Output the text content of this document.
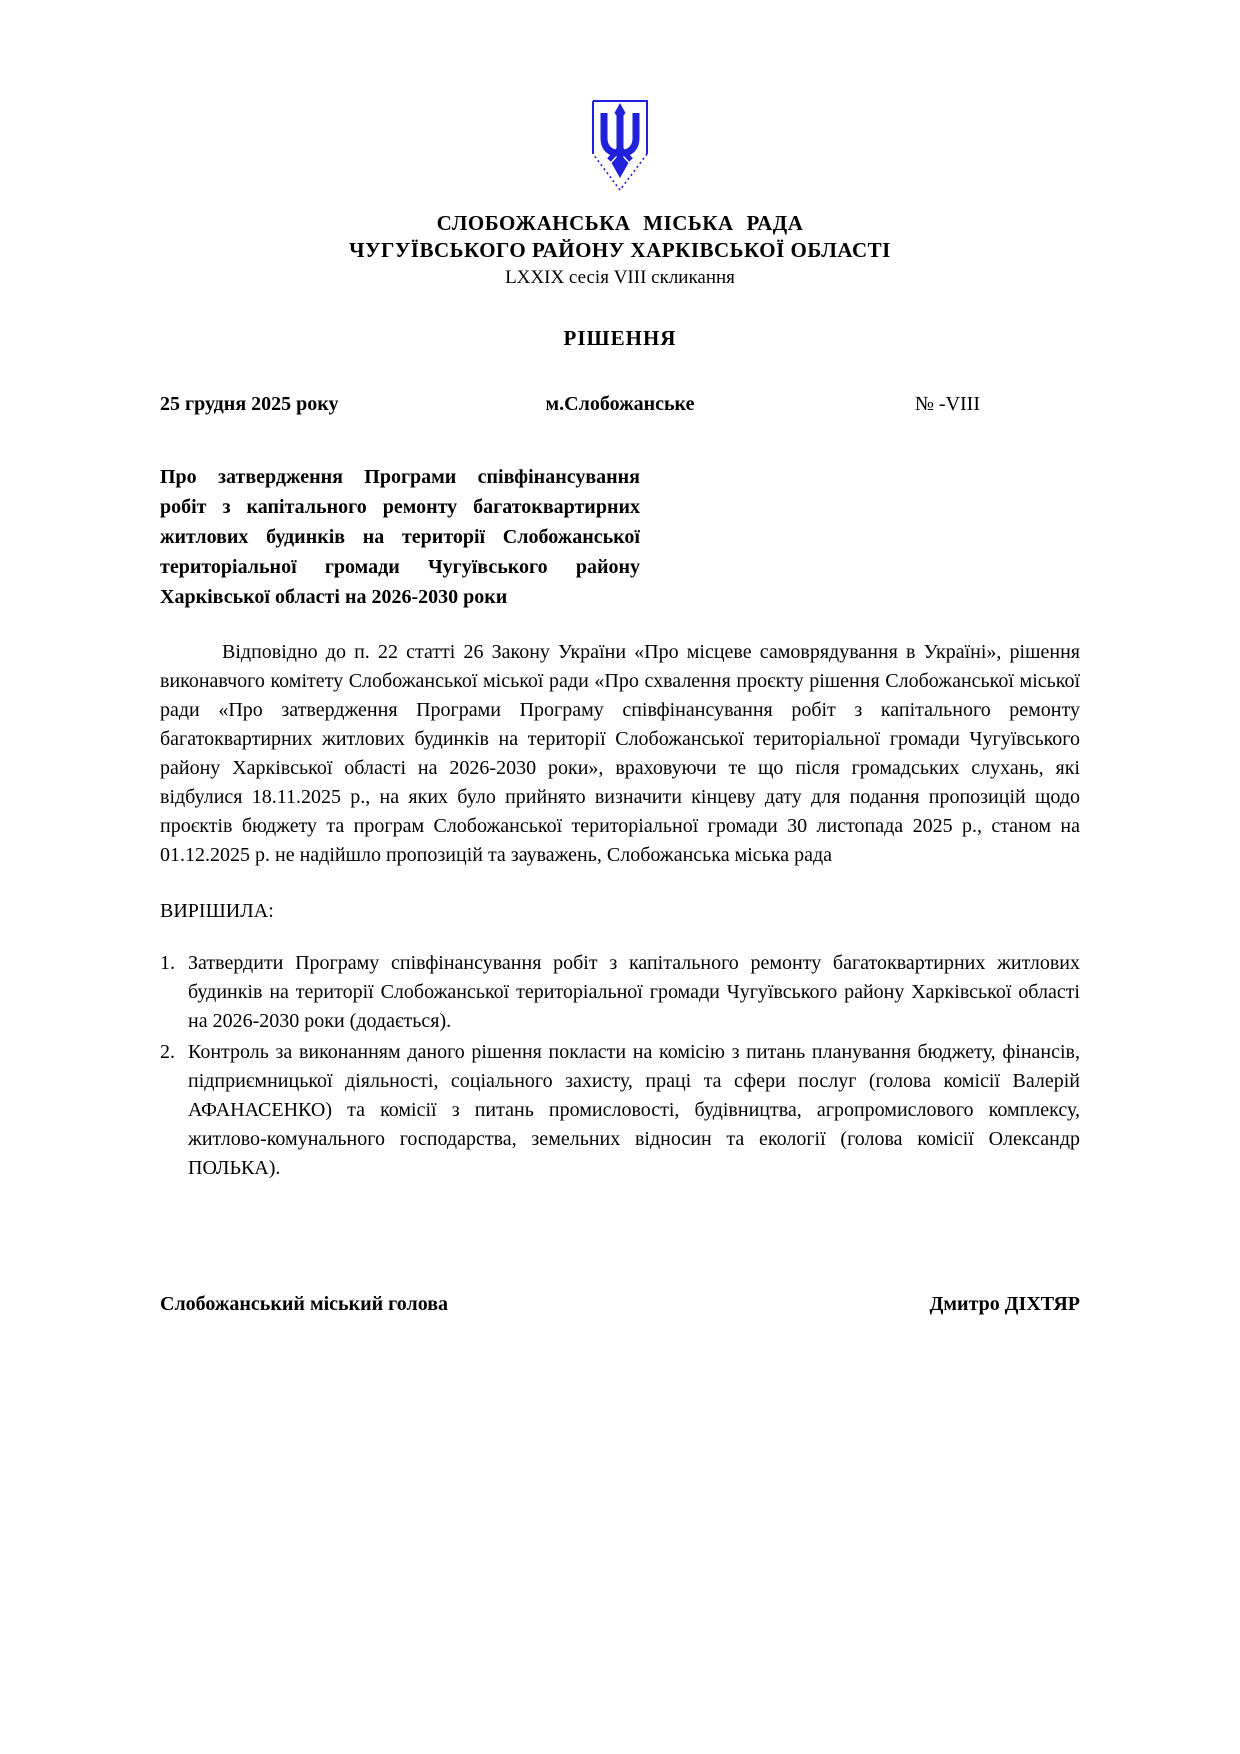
СЛОБОЖАНСЬКА МІСЬКА РАДА
ЧУГУЇВСЬКОГО РАЙОНУ ХАРКІВСЬКОЇ ОБЛАСТІ
LXXIX сесія VIII скликання
РІШЕННЯ
25 грудня 2025 року	м.Слобожанське	№ -VIII
Про затвердження Програми співфінансування робіт з капітального ремонту багатоквартирних житлових будинків на території Слобожанської територіальної громади Чугуївського району Харківської області на 2026-2030 роки
Відповідно до п. 22 статті 26 Закону України «Про місцеве самоврядування в Україні», рішення виконавчого комітету Слобожанської міської ради «Про схвалення проєкту рішення Слобожанської міської ради «Про затвердження Програми Програму співфінансування робіт з капітального ремонту багатоквартирних житлових будинків на території Слобожанської територіальної громади Чугуївського району Харківської області на 2026-2030 роки», враховуючи те що після громадських слухань, які відбулися 18.11.2025 р., на яких було прийнято визначити кінцеву дату для подання пропозицій щодо проєктів бюджету та програм Слобожанської територіальної громади 30 листопада 2025 р., станом на 01.12.2025 р. не надійшло пропозицій та зауважень, Слобожанська міська рада
ВИРІШИЛА:
1. Затвердити Програму співфінансування робіт з капітального ремонту багатоквартирних житлових будинків на території Слобожанської територіальної громади Чугуївського району Харківської області на 2026-2030 роки (додається).
2. Контроль за виконанням даного рішення покласти на комісію з питань планування бюджету, фінансів, підприємницької діяльності, соціального захисту, праці та сфери послуг (голова комісії Валерій АФАНАСЕНКО) та комісії з питань промисловості, будівництва, агропромислового комплексу, житлово-комунального господарства, земельних відносин та екології (голова комісії Олександр ПОЛЬКА).
Слобожанський міський голова	Дмитро ДІХТЯР
